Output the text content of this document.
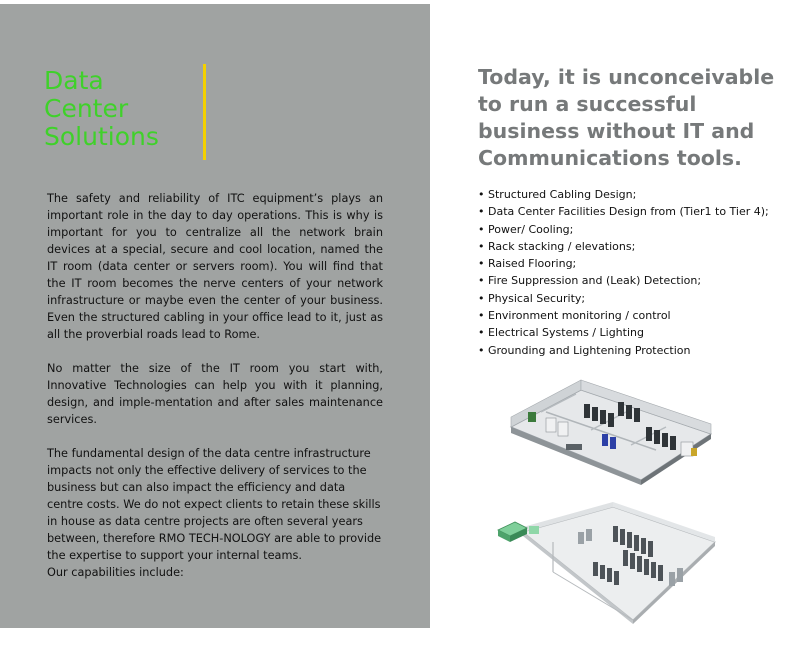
Data
Center
Solutions

The safety and reliability of ITC equipment’s plays an important role in the day to day operations. This is why is important for you to centralize all the network brain devices at a special, secure and cool location, named the IT room (data center or servers room). You will find that the IT room becomes the nerve centers of your network infrastructure or maybe even the center of your business. Even the structured cabling in your office lead to it, just as all the proverbial roads lead to Rome.

No matter the size of the IT room you start with, Innovative Technologies can help you with it planning, design, and imple-mentation and after sales maintenance services.

The fundamental design of the data centre infrastructure impacts not only the effective delivery of services to the business but can also impact the efficiency and data centre costs. We do not expect clients to retain these skills in house as data centre projects are often several years between, therefore RMO TECH-NOLOGY are able to provide the expertise to support your internal teams.
Our capabilities include:

Today, it is unconceivable to run a successful business without IT and Communications tools.
• Structured Cabling Design;
• Data Center Facilities Design from (Tier1 to Tier 4);
• Power/ Cooling;
• Rack stacking / elevations;
• Raised Flooring;
• Fire Suppression and (Leak) Detection;
• Physical Security;
• Environment monitoring / control
• Electrical Systems / Lighting
• Grounding and Lightening Protection
